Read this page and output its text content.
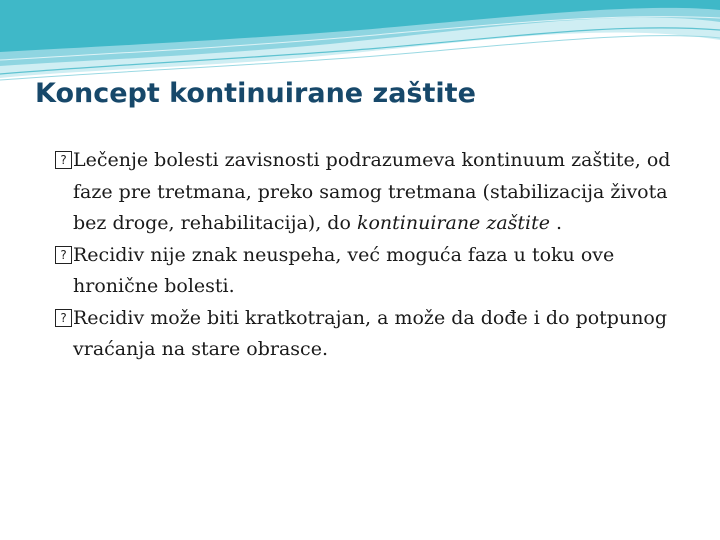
Koncept kontinuirane zaštite
? Lečenje bolesti zavisnosti podrazumeva kontinuum zaštite, od faze pre tretmana, preko samog tretmana (stabilizacija života bez droge, rehabilitacija), do kontinuirane zaštite .
? Recidiv nije znak neuspeha, već moguća faza u toku ove hronične bolesti.
? Recidiv može biti kratkotrajan, a može da dođe i do potpunog vraćanja na stare obrasce.
